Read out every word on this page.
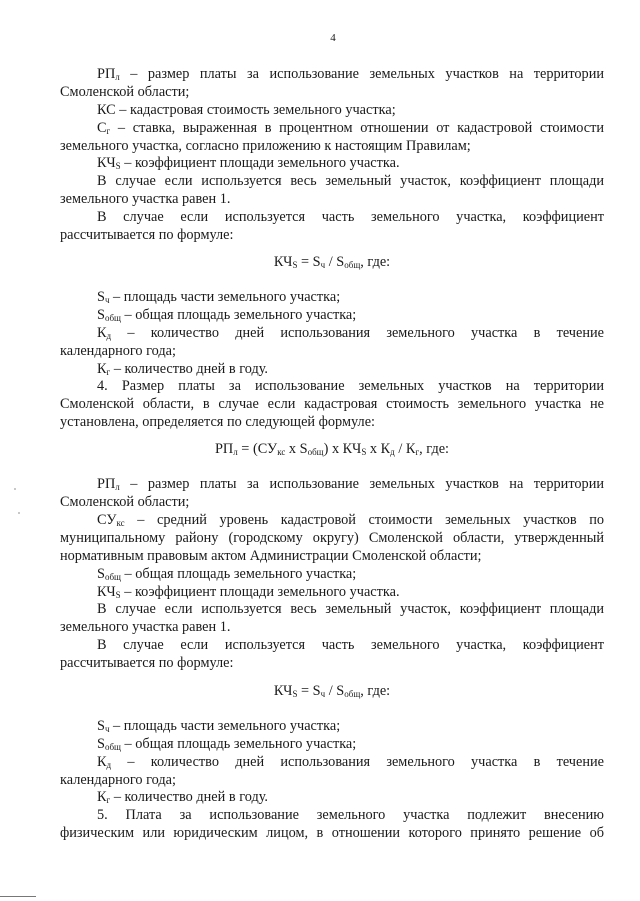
4
$РП_л$ – размер платы за использование земельных участков на территории
Смоленской области;
КС – кадастровая стоимость земельного участка;
$С_г$ – ставка, выраженная в процентном отношении от кадастровой стоимости
земельного участка, согласно приложению к настоящим Правилам;
$КЧ_S$ – коэффициент площади земельного участка.
В случае если используется весь земельный участок, коэффициент площади
земельного участка равен 1.
В случае если используется часть земельного участка, коэффициент
рассчитывается по формуле:
$КЧ_S = S_ч / S_{общ}$, где:
$S_ч$ – площадь части земельного участка;
$S_{общ}$ – общая площадь земельного участка;
$К_д$ – количество дней использования земельного участка в течение
календарного года;
$К_г$ – количество дней в году.
4. Размер платы за использование земельных участков на территории
Смоленской области, в случае если кадастровая стоимость земельного участка не
установлена, определяется по следующей формуле:
$РП_л = (СУ_{кс}$ х $S_{общ}$) х $КЧ_S$ х $К_д / К_г$, где:
$РП_л$ – размер платы за использование земельных участков на территории
Смоленской области;
$СУ_{кс}$ – средний уровень кадастровой стоимости земельных участков по
муниципальному району (городскому округу) Смоленской области, утвержденный
нормативным правовым актом Администрации Смоленской области;
$S_{общ}$ – общая площадь земельного участка;
$КЧ_S$ – коэффициент площади земельного участка.
В случае если используется весь земельный участок, коэффициент площади
земельного участка равен 1.
В случае если используется часть земельного участка, коэффициент
рассчитывается по формуле:
$КЧ_S = S_ч / S_{общ}$, где:
$S_ч$ – площадь части земельного участка;
$S_{общ}$ – общая площадь земельного участка;
$К_д$ – количество дней использования земельного участка в течение
календарного года;
$К_г$ – количество дней в году.
5. Плата за использование земельного участка подлежит внесению
физическим или юридическим лицом, в отношении которого принято решение об
